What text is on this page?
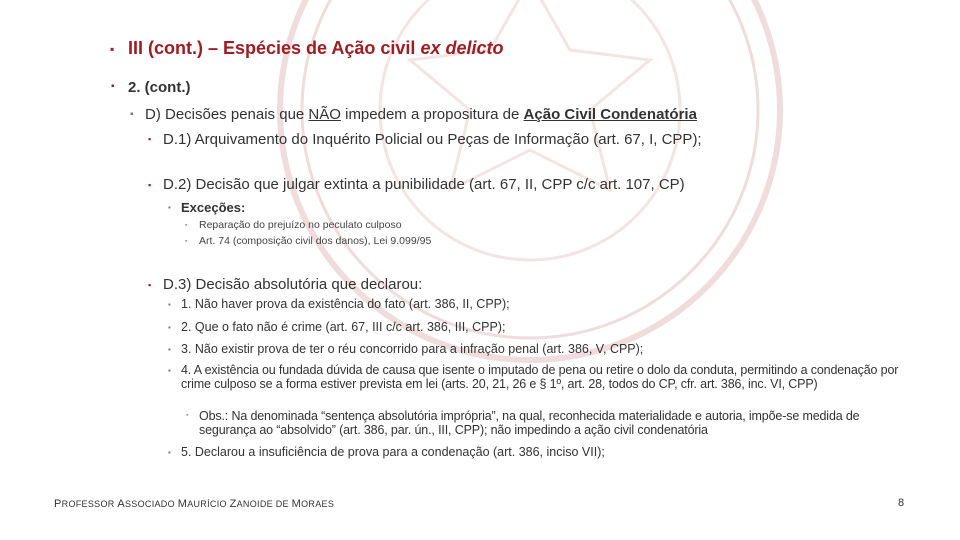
▪ III (cont.) – Espécies de Ação civil ex delicto
▪ 2. (cont.)
▪ D) Decisões penais que NÃO impedem a propositura de Ação Civil Condenatória
▪ D.1) Arquivamento do Inquérito Policial ou Peças de Informação (art. 67, I, CPP);
▪ D.2) Decisão que julgar extinta a punibilidade (art. 67, II, CPP c/c art. 107, CP)
▪ Exceções:
▪ Reparação do prejuízo no peculato culposo
▪ Art. 74 (composição civil dos danos), Lei 9.099/95
▪ D.3) Decisão absolutória que declarou:
▪ 1. Não haver prova da existência do fato (art. 386, II, CPP);
▪ 2. Que o fato não é crime (art. 67, III c/c art. 386, III, CPP);
▪ 3. Não existir prova de ter o réu concorrido para a infração penal (art. 386, V, CPP);
▪ 4. A existência ou fundada dúvida de causa que isente o imputado de pena ou retire o dolo da conduta, permitindo a condenação por crime culposo se a forma estiver prevista em lei (arts. 20, 21, 26 e § 1º, art. 28, todos do CP, cfr. art. 386, inc. VI, CPP)
▪ Obs.: Na denominada “sentença absolutória imprópria”, na qual, reconhecida materialidade e autoria, impõe-se medida de segurança ao “absolvido” (art. 386, par. ún., III, CPP); não impedindo a ação civil condenatória
▪ 5. Declarou a insuficiência de prova para a condenação (art. 386, inciso VII);
PROFESSOR ASSOCIADO MAURÍCIO ZANOIDE DE MORAES	8
